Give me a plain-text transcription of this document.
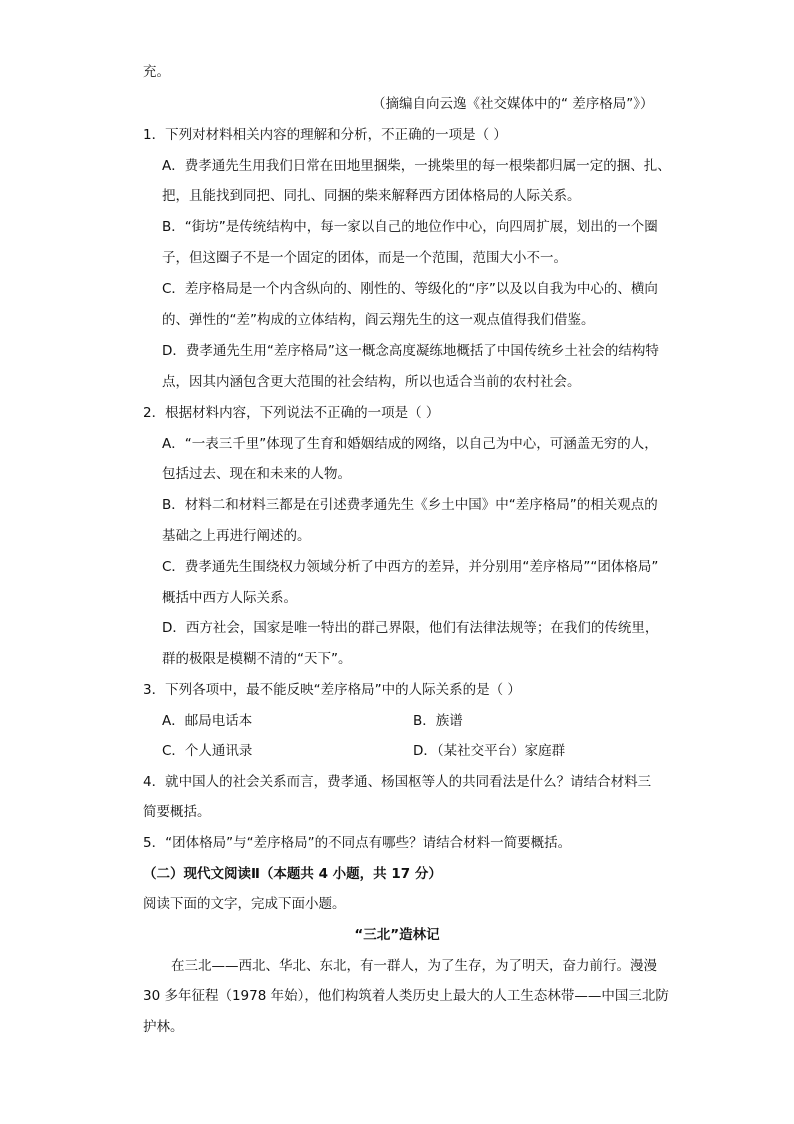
充。
（摘编自向云逸《社交媒体中的“ 差序格局”》）
1．下列对材料相关内容的理解和分析，不正确的一项是（ ）
A．费孝通先生用我们日常在田地里捆柴，一挑柴里的每一根柴都归属一定的捆、扎、
把，且能找到同把、同扎、同捆的柴来解释西方团体格局的人际关系。
B．“街坊”是传统结构中，每一家以自己的地位作中心，向四周扩展，划出的一个圈
子，但这圈子不是一个固定的团体，而是一个范围，范围大小不一。
C．差序格局是一个内含纵向的、刚性的、等级化的“序”以及以自我为中心的、横向
的、弹性的“差”构成的立体结构，阎云翔先生的这一观点值得我们借鉴。
D．费孝通先生用“差序格局”这一概念高度凝练地概括了中国传统乡土社会的结构特
点，因其内涵包含更大范围的社会结构，所以也适合当前的农村社会。
2．根据材料内容，下列说法不正确的一项是（ ）
A．“一表三千里”体现了生育和婚姻结成的网络，以自己为中心，可涵盖无穷的人，
包括过去、现在和未来的人物。
B．材料二和材料三都是在引述费孝通先生《乡土中国》中“差序格局”的相关观点的
基础之上再进行阐述的。
C．费孝通先生围绕权力领域分析了中西方的差异，并分别用“差序格局”“团体格局”
概括中西方人际关系。
D．西方社会，国家是唯一特出的群己界限，他们有法律法规等；在我们的传统里，
群的极限是模糊不清的“天下”。
3．下列各项中，最不能反映“差序格局”中的人际关系的是（ ）
A．邮局电话本	B．族谱
C．个人通讯录	D．（某社交平台）家庭群
4．就中国人的社会关系而言，费孝通、杨国枢等人的共同看法是什么？请结合材料三
简要概括。
5．“团体格局”与“差序格局”的不同点有哪些？请结合材料一简要概括。
（二）现代文阅读Ⅱ（本题共 4 小题，共 17 分）
阅读下面的文字，完成下面小题。
“三北”造林记
在三北——西北、华北、东北，有一群人，为了生存，为了明天，奋力前行。漫漫
30 多年征程（1978 年始），他们构筑着人类历史上最大的人工生态林带——中国三北防
护林。
